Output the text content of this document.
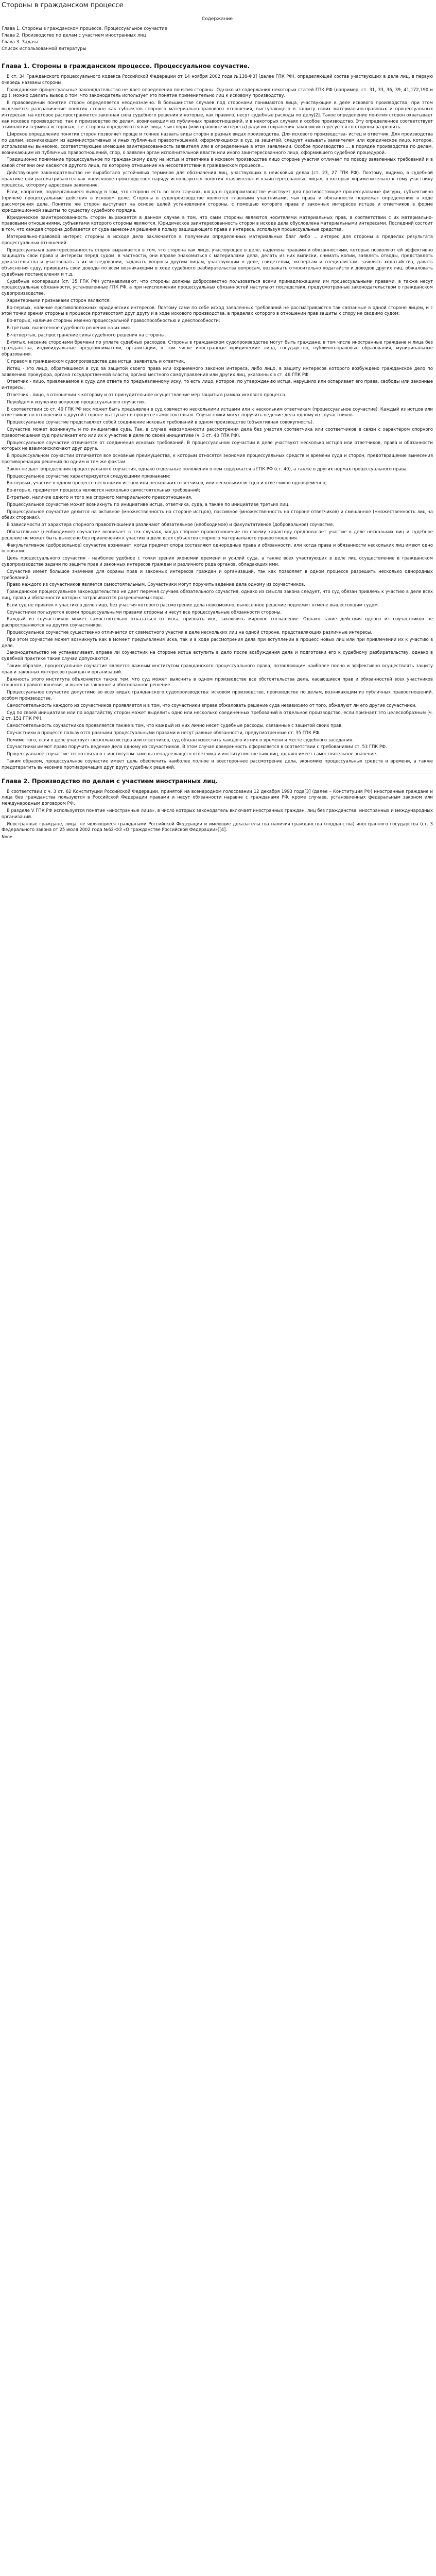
Стороны в гражданском процессе
Содержание

Глава 1. Стороны в гражданском процессе. Процессуальное соучастие

Глава 2. Производство по делам с участием иностранных лиц

Глава 3. Задача

Список использованной литературы

Глава 1. Стороны в гражданском процессе. Процессуальное соучастие.

В ст. 34 Гражданского процессуального кодекса Российской Федерации от 14 ноября 2002 года №138-ФЗ] (далее ГПК РФ), определяющей состав участвующих в деле лиц, в первую очередь названы стороны.

Гражданские процессуальные законодательство не дает определения понятия стороны. Однако из содержания некоторых статей ГПК РФ (например, ст. 31, 33, 36, 39, 41,172,190 и др.), можно сделать вывод о том, что законодатель использует это понятие применительно лиц к исковому производству.

В правоведении понятие сторон определяется неоднозначно. В большинстве случаев под сторонами понимаются лица, участвующие в деле искового производства, при этом выделяется разграничение понятия сторон как субъектов спорного материально-правового отношения, выступающего в защиту своих материально-правовых и процессуальных интересах, на которое распространяется законная сила судебного решения и которые, как правило, несут судебные расходы по делу[2]. Такое определение понятия сторон охватывает как исковое производство, так и производство по делам, возникающим из публичных правоотношений, и в некоторых случаях и особое производство. Эту определенное соответствует этимологии термина «сторона», т.е. стороны определяются как лица, чьи споры (или правовые интересы) ради их сохранения законом интересуется со стороны разрешить.

Широкое определение понятия сторон позволяет проще и точнее назвать виды сторон в разных видах производства. Для искового производства- истец и ответчик. Для производства по делам, возникающим из административных и иных публичных правоотношений, оформляющихся в суд за защитой, следует называть заявителем или юридическое лицо, которое, использованы вынесено, соответствующее имеющее заинтересованность заявителя или в определенные в этом заявлении. Особое производство ... в порядке производства по делам, возникающим из публичных правоотношений, спор, о заявлен орган исполнительной власти или иного заинтересованного лица, оформившего судебной процедурой.

Традиционно понимание процессуальное по гражданскому делу на истца и ответчика в исковом производстве лицо стороне участия отличает по поводу заявленных требований и в какой степени они касаются другого лица, по которому отношение на несоответствии в гражданском процессе...

Действующее законодательство не выработало устойчивых терминов для обозначения лиц, участвующих в неисковых делах (ст. 23, 27 ГПК РФ). Поэтому, видимо, в судебной практике они рассматриваются как «неисковое производство» наряду используются понятия «заявитель» и «заинтересованные лица», в которых «применительно к тому участнику процесса, которому адресован заявление.

Если, напротив, подвергавшиеся выводу в том, что стороны есть во всех случаях, когда в судопроизводстве участвует для противостоящие процессуальные фигуры, субъективно (причем) процессуальные действия в исковом деле. Стороны в судопроизводстве являются главными участниками, чьи права и обязанности подлежат определению в ходе рассмотрения дела. Понятие же сторон выступает на основе целей установления стороны, с помощью которого права и законных интересов истцов и ответчиков в форме юрисдикционной защиты по существу судебного порядка.

Юридическое заинтересованность сторон выражается в данном случае в том, что сами стороны являются носителями материальных прав, в соответствии с их материально-правовыми отношениями, субъектами которого стороны являются. Юридическое заинтересованность сторон в исходе дела обусловлена материальными интересами. Последний состоит в том, что каждая сторона добивается от суда вынесения решения в пользу защищающего права и интереса, используя процессуальные средства.

Материально-правовой интерес стороны в исходе дела заключается в получении определенных материальных благ либо ... интерес для стороны в пределах результата процессуальных отношений.

Процессуальная заинтересованность сторон выражается в том, что сторона как лицо, участвующее в деле, наделена правами и обязанностями, которые позволяют ей эффективно защищать свои права и интересы перед судом, в частности, они вправе знакомиться с материалами дела, делать из них выписки, снимать копии, заявлять отводы, представлять доказательства и участвовать в их исследовании, задавать вопросы другим лицам, участвующим в деле, свидетелям, экспертам и специалистам, заявлять ходатайства, давать объяснения суду, приводить свои доводы по всем возникающим в ходе судебного разбирательства вопросам, возражать относительно ходатайств и доводов других лиц, обжаловать судебные постановления и т.д.

Судебные кооперации (ст. 35 ГПК РФ) устанавливают, что стороны должны добросовестно пользоваться всеми принадлежащими им процессуальными правами, а также несут процессуальные обязанности, установленные ГПК РФ, а при неисполнении процессуальных обязанностей наступают последствия, предусмотренные законодательством о гражданском судопроизводстве.

Характерными признаками сторон являются:

Во-первых, наличие противоположных юридических интересов. Поэтому сами по себе исход заявленных требований не рассматриваются так связанные в одной стороне лицом, и с этой точки зрения стороны в процессе противостоят друг другу и в ходе искового производства, в пределах которого в отношении прав защиты к спору не сводимо судом;

Во-вторых, наличие стороны именно процессуальной правоспособностью и дееспособности;

В-третьих, вынесенное судебного решения на их имя.

В-четвертых, распространение силы судебного решения на стороны.

В-пятых, несение сторонами бремени по уплате судебных расходов. Стороны в гражданском судопроизводстве могут быть граждане, в том числе иностранные граждане и лица без гражданства, индивидуальные предприниматели, организации, в том числе иностранные юридические лица, государство, публично-правовые образования, муниципальные образования.

С правом в гражданском судопроизводстве два истца, заявитель и ответчик.

Истец - это лицо, обратившееся в суд за защитой своего права или охраняемого законом интереса, либо лицо, в защиту интересов которого возбуждено гражданское дело по заявлению прокурора, органа государственной власти, органа местного самоуправления или других лиц, указанных в ст. 46 ГПК РФ.

Ответчик - лицо, привлекаемое к суду для ответа по предъявленному иску, то есть лицо, которое, по утверждению истца, нарушило или оспаривает его права, свободы или законные интересы.

Ответчик - лицо, в отношении к которому и от принудительное осуществление мер защиты в рамках искового процесса.

Перейдем к изучению вопросов процессуального соучастия.

В соответствии со ст. 40 ГПК РФ иск может быть предъявлен в суд совместно несколькими истцами или к нескольким ответчикам (процессуальное соучастие). Каждый из истцов или ответчиков по отношению к другой стороне выступает в процессе самостоятельно. Соучастники могут поручить ведение дела одному из соучастников.

Процессуальное соучастие представляет собой соединение исковых требований в одном производстве (объективная совокупность).

Соучастие может возникнуть и по инициативе суда. Так, в случае невозможности рассмотрения дела без участия соответчика или соответчиков в связи с характером спорного правоотношения суд привлекает его или их к участию в деле по своей инициативе (ч. 3 ст. 40 ГПК РФ).

Процессуальное соучастие отличается от соединения исковых требований. В процессуальном соучастии в деле участвуют несколько истцов или ответчиков, права и обязанности которых не взаимоисключают друг друга.

В процессуальном соучастии отличается все основные преимущества, к которым относятся экономия процессуальных средств и времени суда и сторон, предотвращение вынесения противоречащих решений по одним и тем же фактам.

Закон не дает определения процессуального соучастия, однако отдельные положения о нем содержатся в ГПК РФ (ст. 40), а также в других нормах процессуального права.

Процессуальное соучастие характеризуется следующими признаками:

Во-первых, участие в одном процессе нескольких истцов или нескольких ответчиков, или нескольких истцов и ответчиков одновременно;

Во-вторых, предметом процесса являются несколько самостоятельных требований;

В-третьих, наличие одного и того же спорного материального правоотношения.

Процессуальное соучастие может возникнуть по инициативе истца, ответчика, суда, а также по инициативе третьих лиц.

Процессуальное соучастие делится на активное (множественность на стороне истцов), пассивное (множественность на стороне ответчиков) и смешанное (множественность лиц на обеих сторонах).

В зависимости от характера спорного правоотношения различают обязательное (необходимое) и факультативное (добровольное) соучастие.

Обязательное (необходимое) соучастие возникает в тех случаях, когда спорное правоотношение по своему характеру предполагает участие в деле нескольких лиц и судебное решение не может быть вынесено без привлечения к участию в деле всех субъектов спорного материального правоотношения.

Факультативное (добровольное) соучастие возникает, когда предмет спора составляют однородные права и обязанности, или когда права и обязанности нескольких лиц имеют одно основание.

Цель процессуального соучастия - наиболее удобное с точки зрения экономии времени и усилий суда, а также всех участвующих в деле лиц осуществление в гражданском судопроизводстве задачи по защите прав и законных интересов граждан и различного рода органов, обладающих ими.

Соучастие имеет большое значение для охраны прав и законных интересов граждан и организаций, так как позволяет в одном процессе разрешить несколько однородных требований.

Право каждого из соучастников является самостоятельным. Соучастники могут поручить ведение дела одному из соучастников.

Гражданское процессуальное законодательство не дает перечня случаев обязательного соучастия, однако из смысла закона следует, что суд обязан привлечь к участию в деле всех лиц, права и обязанности которых затрагиваются разрешением спора.

Если суд не привлек к участию в деле лицо, без участия которого рассмотрение дела невозможно, вынесенное решение подлежит отмене вышестоящим судом.

Соучастники пользуются всеми процессуальными правами стороны и несут все процессуальные обязанности стороны.

Каждый из соучастников может самостоятельно отказаться от иска, признать иск, заключить мировое соглашение. Однако такие действия одного из соучастников не распространяются на других соучастников.

Процессуальное соучастие существенно отличается от совместного участия в деле нескольких лиц на одной стороне, представляющих различные интересы.

При этом соучастие может возникнуть как в момент предъявления иска, так и в ходе рассмотрения дела при вступлении в процесс новых лиц или при привлечении их к участию в деле.

Законодательство не устанавливает, вправе ли соучастник на стороне истца вступить в дело после возбуждения дела и подготовки его к судебному разбирательству, однако в судебной практике такие случаи допускаются.

Таким образом, процессуальное соучастие является важным институтом гражданского процессуального права, позволяющим наиболее полно и эффективно осуществлять защиту прав и законных интересов граждан и организаций.

Важность этого института объясняется также тем, что суд может выяснить в одном производстве все обстоятельства дела, касающиеся прав и обязанностей всех участников спорного правоотношения, и вынести законное и обоснованное решение.

Процессуальное соучастие допустимо во всех видах гражданского судопроизводства: исковом производстве, производстве по делам, возникающим из публичных правоотношений, особом производстве.

Самостоятельность каждого из соучастников проявляется и в том, что соучастники вправе обжаловать решение суда независимо от того, обжалуют ли его другие соучастники.

Суд по своей инициативе или по ходатайству сторон может выделить одно или несколько соединенных требований в отдельное производство, если признает это целесообразным (ч. 2 ст. 151 ГПК РФ).

Самостоятельность соучастников проявляется также в том, что каждый из них лично несет судебные расходы, связанные с защитой своих прав.

Соучастники в процессе пользуются равными процессуальными правами и несут равные обязанности, предусмотренные ст. 35 ГПК РФ.

Помимо того, если в деле участвует несколько истцов или ответчиков, суд обязан известить каждого из них о времени и месте судебного заседания.

Соучастники имеют право поручить ведение дела одному из соучастников. В этом случае доверенность оформляется в соответствии с требованиями ст. 53 ГПК РФ.

Процессуальное соучастие тесно связано с институтом замены ненадлежащего ответчика и институтом третьих лиц, однако имеет самостоятельное значение.

Таким образом, процессуальное соучастие имеет цель обеспечить наиболее полное и всестороннее рассмотрение дела, экономию процессуальных средств и времени, а также предотвратить вынесение противоречащих друг другу судебных решений.

Глава 2. Производство по делам с участием иностранных лиц.

В соответствии с ч. 3 ст. 62 Конституции Российской Федерации, принятой на всенародном голосовании 12 декабря 1993 года[3] (далее – Конституция РФ) иностранные граждане и лица без гражданства пользуются в Российской Федерации правами и несут обязанности наравне с гражданами РФ, кроме случаев, установленных федеральным законом или международным договором РФ.

В разделе V ГПК РФ используется понятие «иностранные лица», в число которых законодатель включает иностранных граждан, лиц без гражданства, иностранных и международных организаций.

Иностранные граждане, лица, не являющиеся гражданами Российской Федерации и имеющие доказательства наличия гражданства (подданства) иностранного государства (ст. 3 Федерального закона от 25 июля 2002 года №62-ФЗ «О гражданстве Российской Федерации»)[4].

None
